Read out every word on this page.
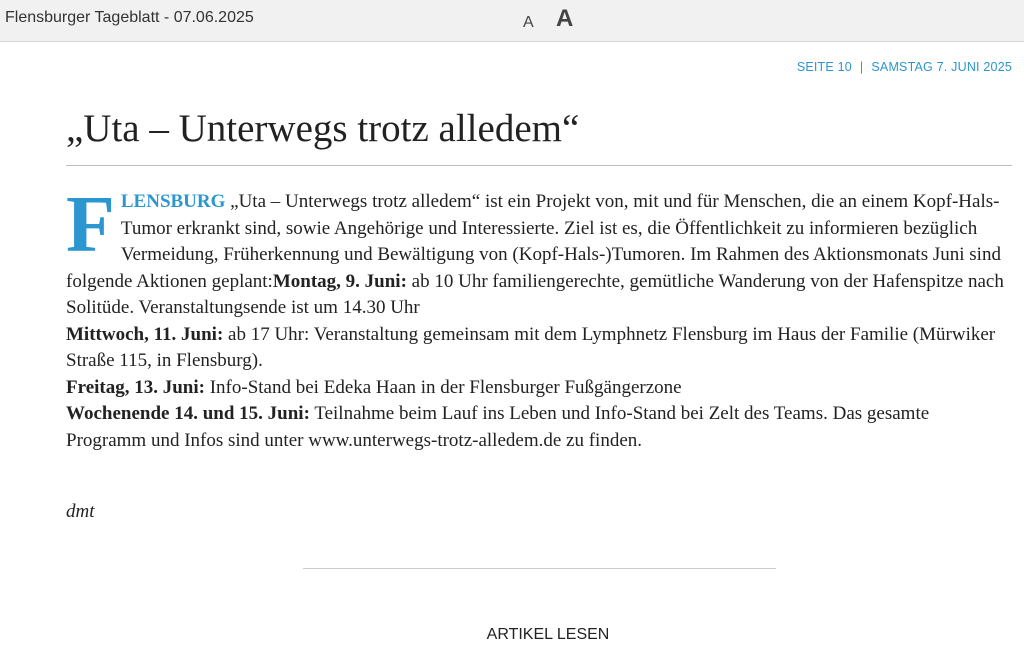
Flensburger Tageblatt - 07.06.2025	A A
SEITE 10 | SAMSTAG 7. JUNI 2025
„Uta – Unterwegs trotz alledem“

FLENSBURG „Uta – Unterwegs trotz alledem“ ist ein Projekt von, mit und für Menschen, die an einem Kopf-Hals-Tumor erkrankt sind, sowie Angehörige und Interessierte. Ziel ist es, die Öffentlichkeit zu informieren bezüglich Vermeidung, Früherkennung und Bewältigung von (Kopf-Hals-)Tumoren. Im Rahmen des Aktionsmonats Juni sind folgende Aktionen geplant:Montag, 9. Juni: ab 10 Uhr familiengerechte, gemütliche Wanderung von der Hafenspitze nach Solitüde. Veranstaltungsende ist um 14.30 Uhr
Mittwoch, 11. Juni: ab 17 Uhr: Veranstaltung gemeinsam mit dem Lymphnetz Flensburg im Haus der Familie (Mürwiker Straße 115, in Flensburg).
Freitag, 13. Juni: Info-Stand bei Edeka Haan in der Flensburger Fußgängerzone
Wochenende 14. und 15. Juni: Teilnahme beim Lauf ins Leben und Info-Stand bei Zelt des Teams. Das gesamte Programm und Infos sind unter www.unterwegs-trotz-alledem.de zu finden.

dmt
ARTIKEL LESEN
